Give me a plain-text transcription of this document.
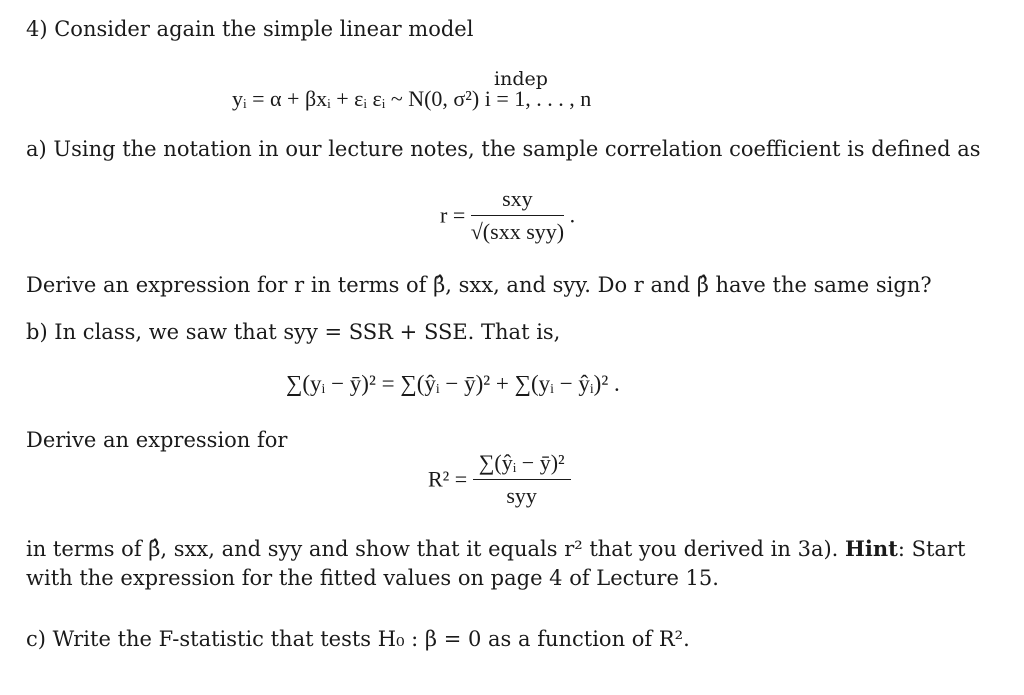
4) Consider again the simple linear model
yᵢ = α + βxᵢ + εᵢ εᵢ ~ N(0, σ²) i = 1, . . . , n
indep
a) Using the notation in our lecture notes, the sample correlation coefficient is defined as
$r = \frac{\text{sxy}}{\text{√(sxx syy)}}$ .
Derive an expression for r in terms of β̂, sxx, and syy. Do r and β̂ have the same sign?
b) In class, we saw that syy = SSR + SSE. That is,
∑(yᵢ − ȳ)² = ∑(ŷᵢ − ȳ)² + ∑(yᵢ − ŷᵢ)² .
Derive an expression for
$R^2 = \frac{\text{∑(ŷᵢ − ȳ)²}}{\text{syy}}$
in terms of β̂, sxx, and syy and show that it equals r² that you derived in 3a). Hint: Start
with the expression for the fitted values on page 4 of Lecture 15.
c) Write the F-statistic that tests H₀ : β = 0 as a function of R².
